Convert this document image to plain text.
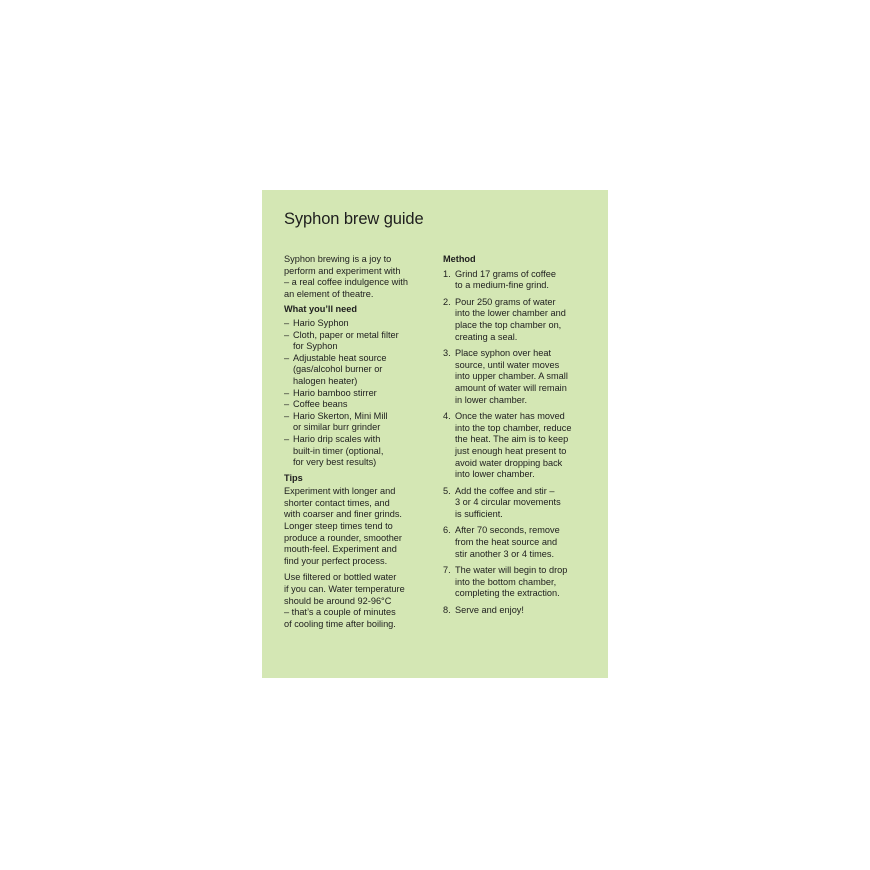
Syphon brew guide

Syphon brewing is a joy to
perform and experiment with
– a real coffee indulgence with
an element of theatre.

What you’ll need
– Hario Syphon
– Cloth, paper or metal filter
for Syphon
– Adjustable heat source
(gas/alcohol burner or
halogen heater)
– Hario bamboo stirrer
– Coffee beans
– Hario Skerton, Mini Mill
or similar burr grinder
– Hario drip scales with
built-in timer (optional,
for very best results)
Tips

Experiment with longer and
shorter contact times, and
with coarser and finer grinds.
Longer steep times tend to
produce a rounder, smoother
mouth-feel. Experiment and
find your perfect process.

Use filtered or bottled water
if you can. Water temperature
should be around 92-96°C
– that’s a couple of minutes
of cooling time after boiling.

Method
1. Grind 17 grams of coffee
to a medium-fine grind.
2. Pour 250 grams of water
into the lower chamber and
place the top chamber on,
creating a seal.
3. Place syphon over heat
source, until water moves
into upper chamber. A small
amount of water will remain
in lower chamber.
4. Once the water has moved
into the top chamber, reduce
the heat. The aim is to keep
just enough heat present to
avoid water dropping back
into lower chamber.
5. Add the coffee and stir –
3 or 4 circular movements
is sufficient.
6. After 70 seconds, remove
from the heat source and
stir another 3 or 4 times.
7. The water will begin to drop
into the bottom chamber,
completing the extraction.
8. Serve and enjoy!
